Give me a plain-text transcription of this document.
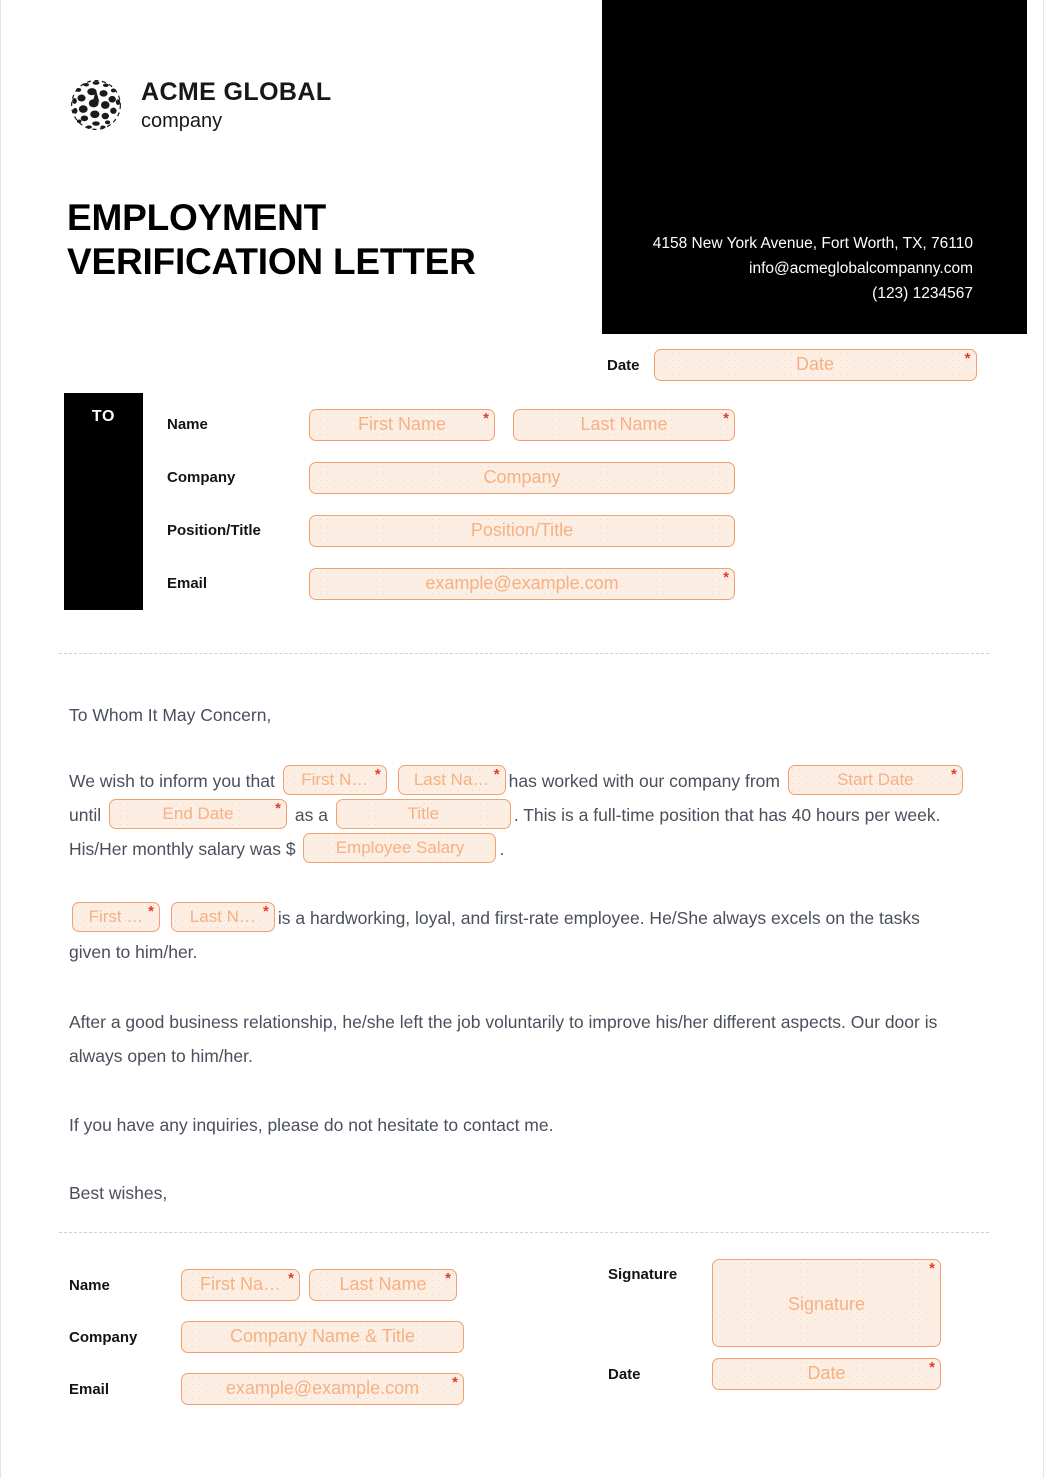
ACME GLOBAL
company
EMPLOYMENT VERIFICATION LETTER	4158 New York Avenue, Fort Worth, TX, 76110
info@acmeglobalcompanny.com
(123) 1234567
Date	Date	*
TO	Name	First Name	*	Last Name	*
Company	Company
Position/Title	Position/Title
Email	example@example.com	*

To Whom It May Concern,

We wish to inform you that	First N… *
	Last Na… * has worked with our company from	Start Date	*
until	End Date	* as a	Title	. This is a full-time position that has 40 hours per week. His/Her monthly salary was $	Employee Salary	.

First … *
	Last N… * is a hardworking, loyal, and first-rate employee. He/She always excels on the tasks given to him/her.

After a good business relationship, he/she left the job voluntarily to improve his/her different aspects. Our door is always open to him/her.

If you have any inquiries, please do not hesitate to contact me.

Best wishes,

Name	First Na… *	Last Name	*
Company	Company Name & Title
Email	example@example.com	*
Signature
Signature
*
Date	Date	*
